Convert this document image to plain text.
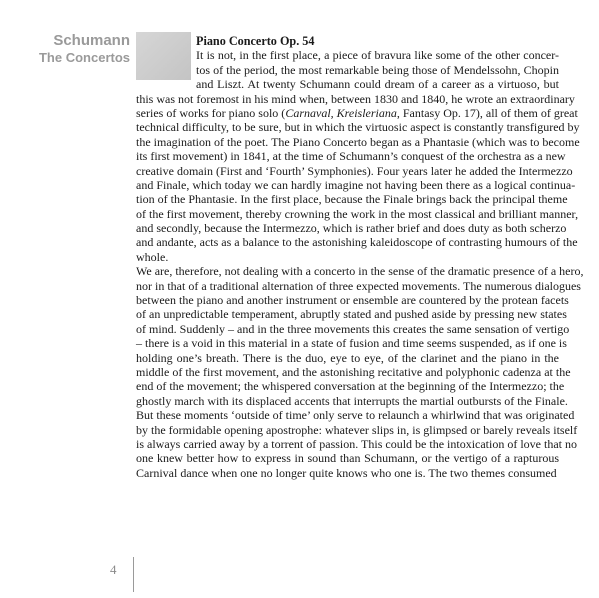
Schumann
The Concertos
Piano Concerto Op. 54
It is not, in the first place, a piece of bravura like some of the other concer-
tos of the period, the most remarkable being those of Mendelssohn, Chopin
and Liszt. At twenty Schumann could dream of a career as a virtuoso, but
this was not foremost in his mind when, between 1830 and 1840, he wrote an extraordinary
series of works for piano solo (Carnaval, Kreisleriana, Fantasy Op. 17), all of them of great
technical difficulty, to be sure, but in which the virtuosic aspect is constantly transfigured by
the imagination of the poet. The Piano Concerto began as a Phantasie (which was to become
its first movement) in 1841, at the time of Schumann’s conquest of the orchestra as a new
creative domain (First and ‘Fourth’ Symphonies). Four years later he added the Intermezzo
and Finale, which today we can hardly imagine not having been there as a logical continua-
tion of the Phantasie. In the first place, because the Finale brings back the principal theme
of the first movement, thereby crowning the work in the most classical and brilliant manner,
and secondly, because the Intermezzo, which is rather brief and does duty as both scherzo
and andante, acts as a balance to the astonishing kaleidoscope of contrasting humours of the
whole.
We are, therefore, not dealing with a concerto in the sense of the dramatic presence of a hero,
nor in that of a traditional alternation of three expected movements. The numerous dialogues
between the piano and another instrument or ensemble are countered by the protean facets
of an unpredictable temperament, abruptly stated and pushed aside by pressing new states
of mind. Suddenly – and in the three movements this creates the same sensation of vertigo
– there is a void in this material in a state of fusion and time seems suspended, as if one is
holding one’s breath. There is the duo, eye to eye, of the clarinet and the piano in the
middle of the first movement, and the astonishing recitative and polyphonic cadenza at the
end of the movement; the whispered conversation at the beginning of the Intermezzo; the
ghostly march with its displaced accents that interrupts the martial outbursts of the Finale.
But these moments ‘outside of time’ only serve to relaunch a whirlwind that was originated
by the formidable opening apostrophe: whatever slips in, is glimpsed or barely reveals itself
is always carried away by a torrent of passion. This could be the intoxication of love that no
one knew better how to express in sound than Schumann, or the vertigo of a rapturous
Carnival dance when one no longer quite knows who one is. The two themes consumed
4
